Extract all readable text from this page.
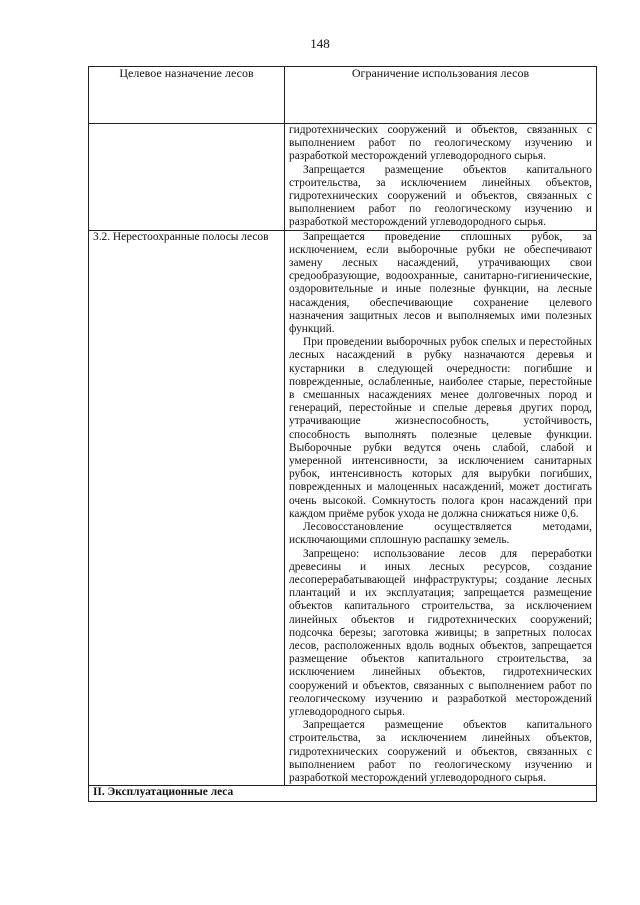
148
Целевое назначение лесов	Ограничение использования лесов

	гидротехнических сооружений и объектов, связанных с выполнением работ по геологическому изучению и разработкой месторождений углеводородного сырья.

Запрещается размещение объектов капитального строительства, за исключением линейных объектов, гидротехнических сооружений и объектов, связанных с выполнением работ по геологическому изучению и разработкой месторождений углеводородного сырья.

3.2. Нерестоохранные полосы лесов	Запрещается проведение сплошных рубок, за исключением, если выборочные рубки не обеспечивают замену лесных насаждений, утрачивающих свои средообразующие, водоохранные, санитарно-гигиенические, оздоровительные и иные полезные функции, на лесные насаждения, обеспечивающие сохранение целевого назначения защитных лесов и выполняемых ими полезных функций.

При проведении выборочных рубок спелых и перестойных лесных насаждений в рубку назначаются деревья и кустарники в следующей очередности: погибшие и поврежденные, ослабленные, наиболее старые, перестойные в смешанных насаждениях менее долговечных пород и генераций, перестойные и спелые деревья других пород, утрачивающие жизнеспособность, устойчивость, способность выполнять полезные целевые функции. Выборочные рубки ведутся очень слабой, слабой и умеренной интенсивности, за исключением санитарных рубок, интенсивность которых для вырубки погибших, поврежденных и малоценных насаждений, может достигать очень высокой. Сомкнутость полога крон насаждений при каждом приёме рубок ухода не должна снижаться ниже 0,6.

Лесовосстановление осуществляется методами, исключающими сплошную распашку земель.

Запрещено: использование лесов для переработки древесины и иных лесных ресурсов, создание лесоперерабатывающей инфраструктуры; создание лесных плантаций и их эксплуатация; запрещается размещение объектов капитального строительства, за исключением линейных объектов и гидротехнических сооружений; подсочка березы; заготовка живицы; в запретных полосах лесов, расположенных вдоль водных объектов, запрещается размещение объектов капитального строительства, за исключением линейных объектов, гидротехнических сооружений и объектов, связанных с выполнением работ по геологическому изучению и разработкой месторождений углеводородного сырья.

Запрещается размещение объектов капитального строительства, за исключением линейных объектов, гидротехнических сооружений и объектов, связанных с выполнением работ по геологическому изучению и разработкой месторождений углеводородного сырья.

II. Эксплуатационные леса	
